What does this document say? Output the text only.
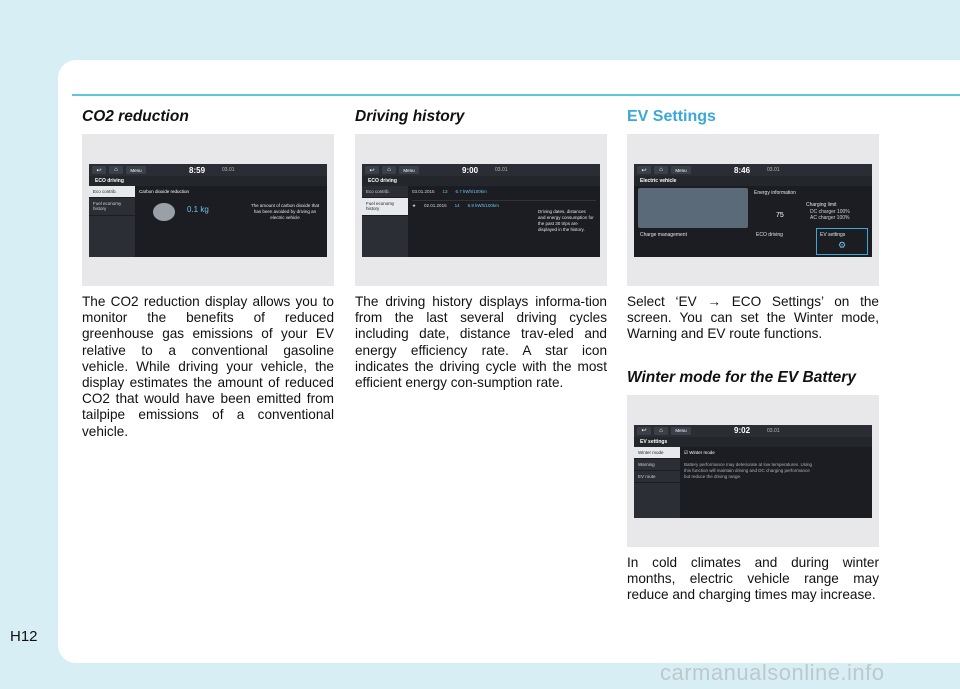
CO2 reduction
↩	⌂	Menu	8:59	03.01
ECO driving
Eco contrib.
Fuel economy history
Carbon dioxide reduction
0.1 kg	The amount of carbon dioxide that has been avoided by driving an electric vehicle

The CO2 reduction display allows you to monitor the benefits of reduced greenhouse gas emissions of your EV relative to a conventional gasoline vehicle. While driving your vehicle, the display estimates the amount of reduced CO2 that would have been emitted from tailpipe emissions of a conventional vehicle.

Driving history
↩	⌂	Menu	9:00	03.01
ECO driving
Eco contrib.
Fuel economy history
03.01.2015 13 6.7 kWh/100km
★ 02.01.2015 14 5.9 kWh/100km
Driving dates, distances and energy consumption for the past 30 trips are displayed in the history.

The driving history displays informa-tion from the last several driving cycles including date, distance trav-eled and energy efficiency rate. A star icon indicates the driving cycle with the most efficient energy con-sumption rate.

EV Settings
↩	⌂	Menu	8:46	03.01
Electric vehicle
Energy information
Charging limit
DC charger 100%
AC charger 100%
75
Charge management	ECO driving	EV settings
⚙

Select ‘EV → ECO Settings’ on the screen. You can set the Winter mode, Warning and EV route functions.

Winter mode for the EV Battery
↩	⌂	Menu	9:02	03.01
EV settings
Winter mode
Warning
EV route
☑ Winter mode
Battery performance may deteriorate at low temperatures. Using this function will maintain driving and DC charging performance but reduce the driving range.

In cold climates and during winter months, electric vehicle range may reduce and charging times may increase.

H12
carmanualsonline.info
